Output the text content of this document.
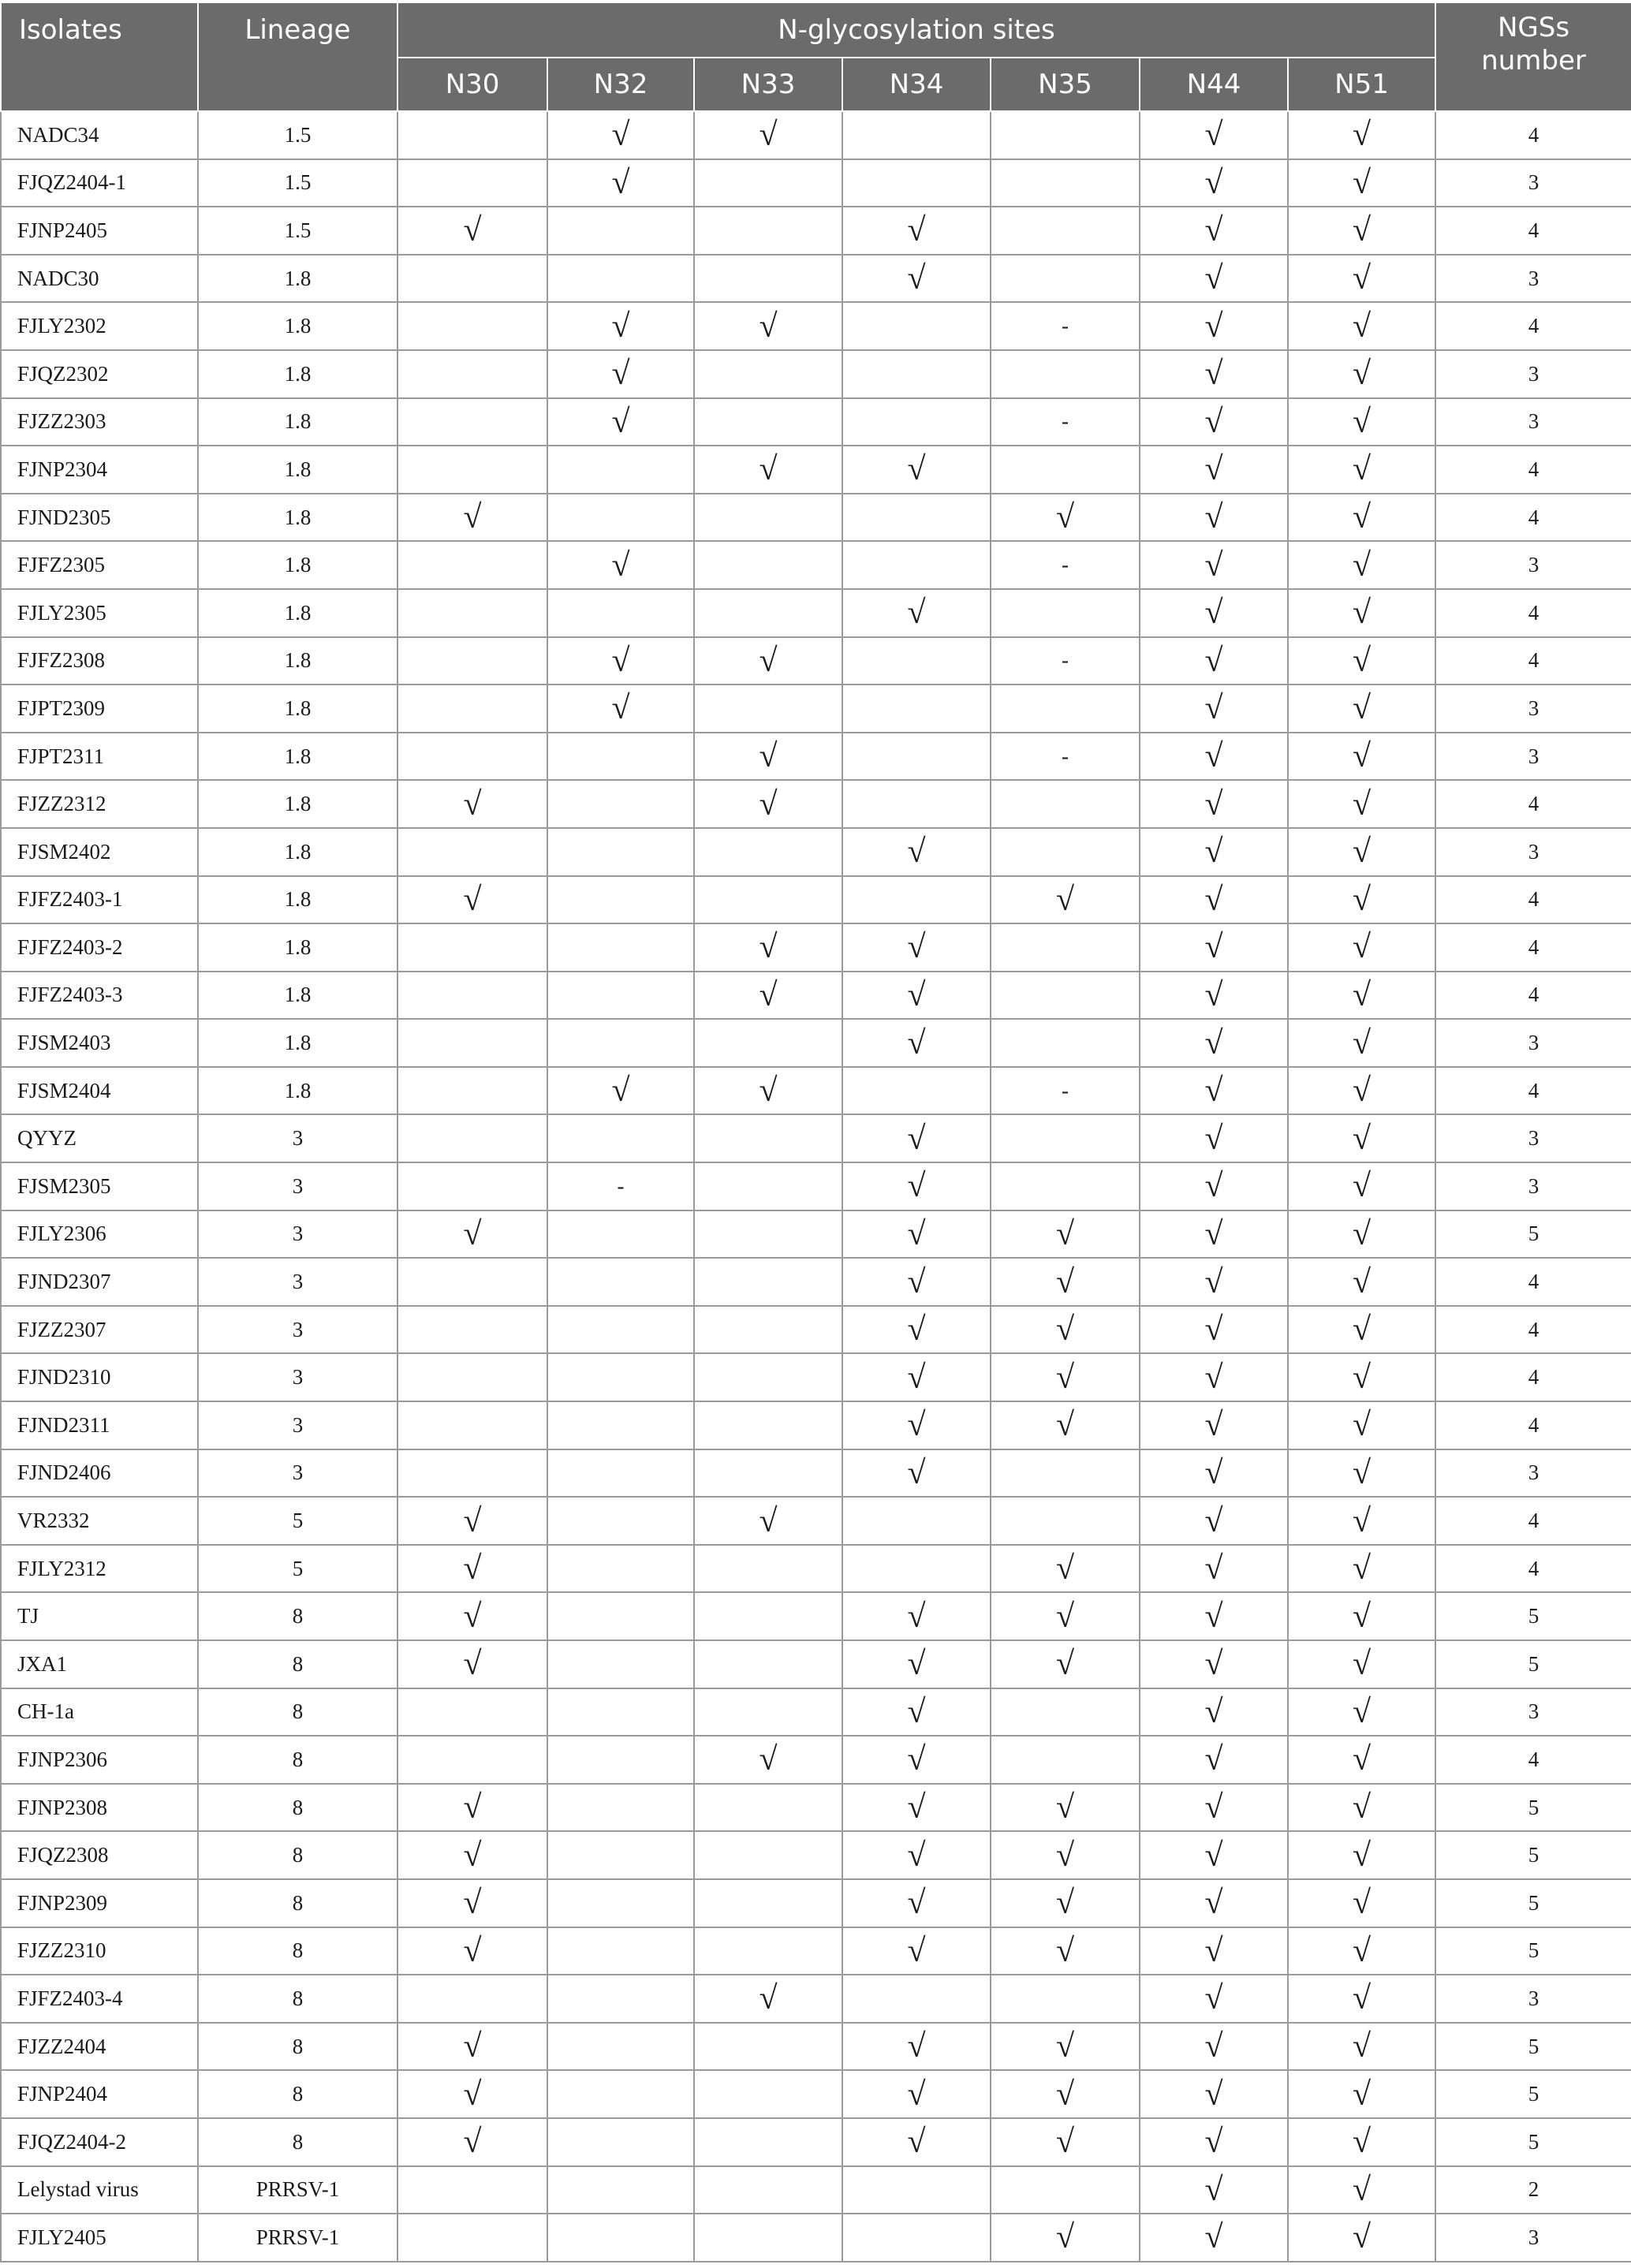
Isolates	Lineage	N-glycosylation sites							NGSs
number
		N30	N32	N33	N34	N35	N44	N51	
NADC34	1.5		√	√			√	√	4
FJQZ2404-1	1.5		√				√	√	3
FJNP2405	1.5	√			√		√	√	4
NADC30	1.8				√		√	√	3
FJLY2302	1.8		√	√		-	√	√	4
FJQZ2302	1.8		√				√	√	3
FJZZ2303	1.8		√			-	√	√	3
FJNP2304	1.8			√	√		√	√	4
FJND2305	1.8	√				√	√	√	4
FJFZ2305	1.8		√			-	√	√	3
FJLY2305	1.8				√		√	√	4
FJFZ2308	1.8		√	√		-	√	√	4
FJPT2309	1.8		√				√	√	3
FJPT2311	1.8			√		-	√	√	3
FJZZ2312	1.8	√		√			√	√	4
FJSM2402	1.8				√		√	√	3
FJFZ2403-1	1.8	√				√	√	√	4
FJFZ2403-2	1.8			√	√		√	√	4
FJFZ2403-3	1.8			√	√		√	√	4
FJSM2403	1.8				√		√	√	3
FJSM2404	1.8		√	√		-	√	√	4
QYYZ	3				√		√	√	3
FJSM2305	3		-		√		√	√	3
FJLY2306	3	√			√	√	√	√	5
FJND2307	3				√	√	√	√	4
FJZZ2307	3				√	√	√	√	4
FJND2310	3				√	√	√	√	4
FJND2311	3				√	√	√	√	4
FJND2406	3				√		√	√	3
VR2332	5	√		√			√	√	4
FJLY2312	5	√				√	√	√	4
TJ	8	√			√	√	√	√	5
JXA1	8	√			√	√	√	√	5
CH-1a	8				√		√	√	3
FJNP2306	8			√	√		√	√	4
FJNP2308	8	√			√	√	√	√	5
FJQZ2308	8	√			√	√	√	√	5
FJNP2309	8	√			√	√	√	√	5
FJZZ2310	8	√			√	√	√	√	5
FJFZ2403-4	8			√			√	√	3
FJZZ2404	8	√			√	√	√	√	5
FJNP2404	8	√			√	√	√	√	5
FJQZ2404-2	8	√			√	√	√	√	5
Lelystad virus	PRRSV-1						√	√	2
FJLY2405	PRRSV-1					√	√	√	3
